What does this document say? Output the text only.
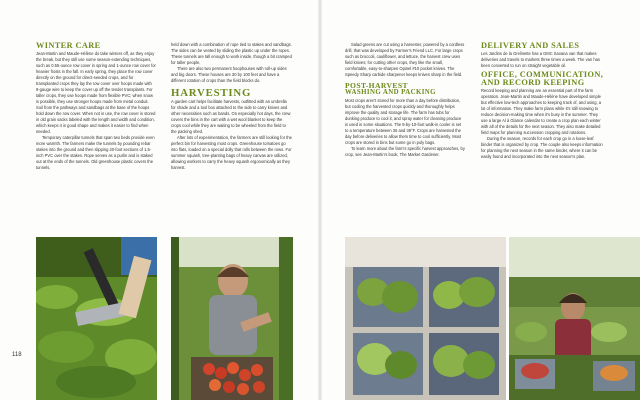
WINTER CARE

Jean-Martin and Maude-Hélène do take winters off, as they enjoy the break, but they still use some season-extending techniques, such as 0.55-ounce row cover in spring and 1-ounce row cover for heavier frosts in the fall. In early spring, they place the row cover directly on the ground for direct-seeded crops, and for transplanted crops they lay the row cover over hoops made with 9-gauge wire to keep the cover up off the tender transplants. For taller crops, they use hoops made from flexible PVC; when snow is possible, they use stronger hoops made from metal conduit. Soil from the pathways and sandbags at the base of the hoops hold down the row cover. When not in use, the row cover is stored in old grain sacks labeled with the length and width and condition, which keeps it in good shape and makes it easier to find when needed.

Temporary caterpillar tunnels that span two beds provide even more warmth. The farmers make the tunnels by pounding rebar stakes into the ground and then slipping 20-foot sections of 1.5-inch PVC over the stakes. Rope serves as a purlin and is staked out at the ends of the tunnels. Old greenhouse plastic covers the tunnels,

held down with a combination of rope tied to stakes and sandbags. The sides can be vented by sliding the plastic up under the ropes. These tunnels are tall enough to work inside, though a bit cramped for taller people.

There are also two permanent hoophouses with roll-up sides and big doors. These houses are 30 by 100 feet and have a different rotation of crops than the field blocks do.

HARVESTING

A garden cart helps facilitate harvests, outfitted with an umbrella for shade and a tool box attached to the side to carry knives and other necessities such as bands. On especially hot days, the crew covers the bins in the cart with a wet wool blanket to keep the crops cool while they are waiting to be wheeled from the field to the packing shed.

After lots of experimentation, the farmers are still looking for the perfect bin for harvesting most crops. Greenhouse tomatoes go into flats, loaded on a special dolly that rolls between the rows. For summer squash, tree-planting bags of heavy canvas are utilized, allowing workers to carry the heavy squash ergonomically as they harvest.

Salad greens are cut using a harvester, powered by a cordless drill, that was developed by Farmer's Friend LLC. For large crops such as broccoli, cauliflower, and lettuce, the harvest crew uses field knives; for cutting other crops, they like the small, comfortable, easy-to-sharpen Opinel #10 pocket knives. The Speedy Sharp carbide sharpener keeps knives sharp in the field.

POST-HARVEST
WASHING AND PACKING

Most crops aren't stored for more than a day before distribution, but cooling the harvested crops quickly and thoroughly helps improve the quality and storage life. The farm has tubs for dunking produce to cool it, and spray water for cleaning produce is used in some situations. The 8-by-10-foot walk-in cooler is set to a temperature between 36 and 39°F. Crops are harvested the day before deliveries to allow them time to cool sufficiently. Most crops are stored in bins but some go in poly bags.

To learn more about the farm's specific harvest approaches, by crop, see Jean-Martin's book, The Market Gardener.

DELIVERY AND SALES

Les Jardins de la Grelinette has a GMC Savana van that makes deliveries and travels to markets three times a week. The van has been converted to run on straight vegetable oil.

OFFICE, COMMUNICATION,
AND RECORD KEEPING

Record keeping and planning are an essential part of the farm operation. Jean-Martin and Maude-Hélène have developed simple but effective low-tech approaches to keeping track of, and using, a lot of information. They make farm plans while it's still snowing to reduce decision-making time when it's busy in the summer. They use a large Al à Glance calendar to create a crop plan each winter with all of the details for the next season. They also make detailed field maps for planning succession cropping and rotations.

During the season, records for each crop go in a loose-leaf binder that is organized by crop. The couple also keeps information for planning the next season in the same binder, where it can be easily found and incorporated into the next season's plan.

118
